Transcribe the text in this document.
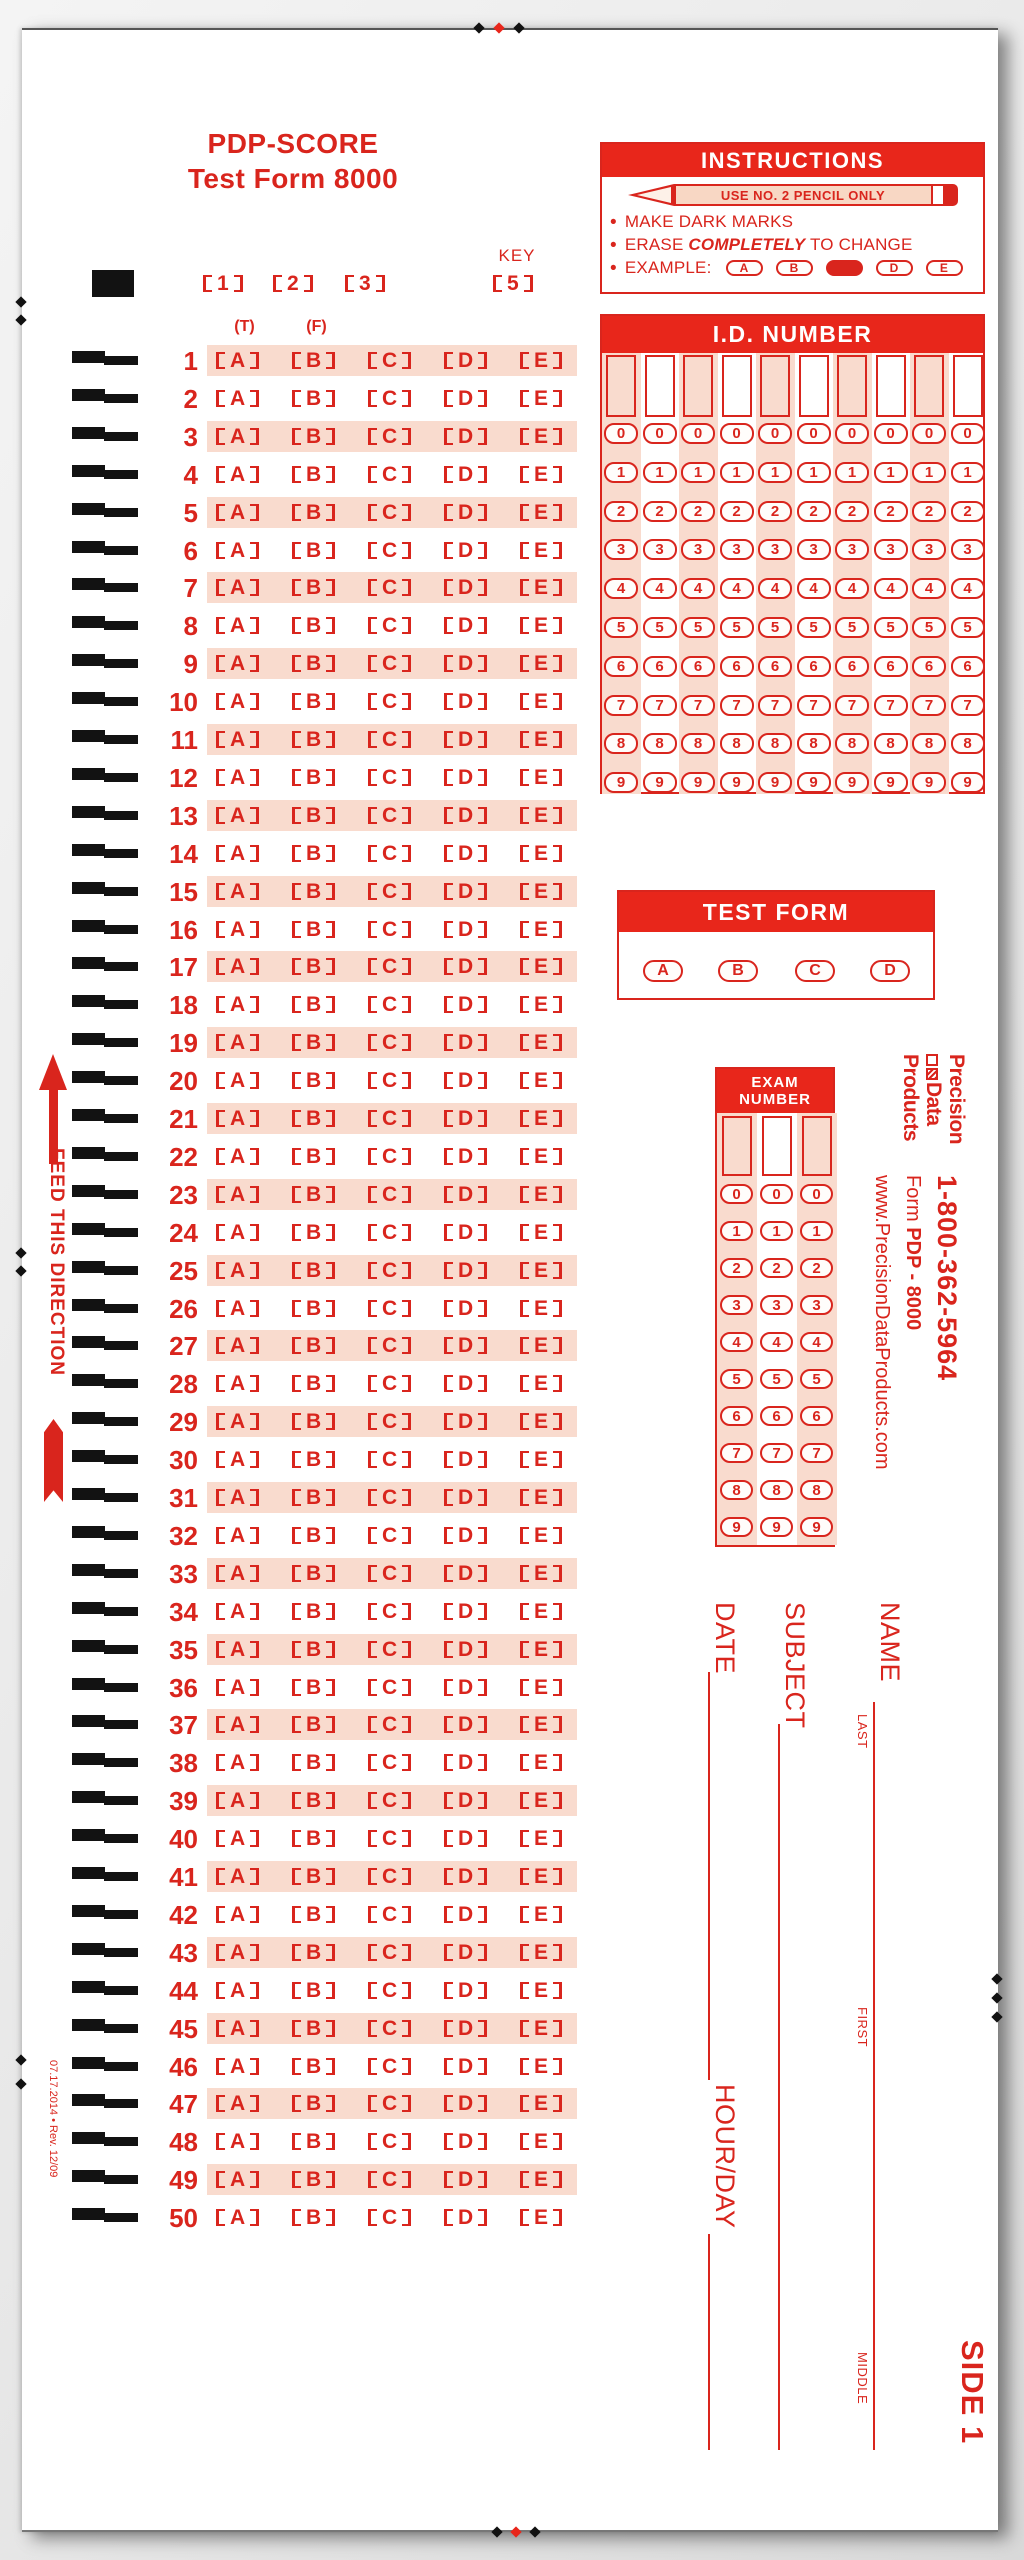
PDP-SCORE
Test Form 8000
INSTRUCTIONS
USE NO. 2 PENCIL ONLY
• MAKE DARK MARKS
• ERASE COMPLETELY TO CHANGE
• EXAMPLE:	A	B	D	E
KEY
1	2	3	5
(T)	(F)
1 A	B	C	D	E
2 A	B	C	D	E
3 A	B	C	D	E
4 A	B	C	D	E
5 A	B	C	D	E
6 A	B	C	D	E
7 A	B	C	D	E
8 A	B	C	D	E
9 A	B	C	D	E
10 A	B	C	D	E
11 A	B	C	D	E
12 A	B	C	D	E
13 A	B	C	D	E
14 A	B	C	D	E
15 A	B	C	D	E
16 A	B	C	D	E
17 A	B	C	D	E
18 A	B	C	D	E
19 A	B	C	D	E
20 A	B	C	D	E
21 A	B	C	D	E
22 A	B	C	D	E
23 A	B	C	D	E
24 A	B	C	D	E
25 A	B	C	D	E
26 A	B	C	D	E
27 A	B	C	D	E
28 A	B	C	D	E
29 A	B	C	D	E
30 A	B	C	D	E
31 A	B	C	D	E
32 A	B	C	D	E
33 A	B	C	D	E
34 A	B	C	D	E
35 A	B	C	D	E
36 A	B	C	D	E
37 A	B	C	D	E
38 A	B	C	D	E
39 A	B	C	D	E
40 A	B	C	D	E
41 A	B	C	D	E
42 A	B	C	D	E
43 A	B	C	D	E
44 A	B	C	D	E
45 A	B	C	D	E
46 A	B	C	D	E
47 A	B	C	D	E
48 A	B	C	D	E
49 A	B	C	D	E
50 A	B	C	D	E
I.D. NUMBER
0
1
2
3
4
5
6
7
8
9
0
1
2
3
4
5
6
7
8
9
0
1
2
3
4
5
6
7
8
9
0
1
2
3
4
5
6
7
8
9
0
1
2
3
4
5
6
7
8
9
0
1
2
3
4
5
6
7
8
9
0
1
2
3
4
5
6
7
8
9
0
1
2
3
4
5
6
7
8
9
0
1
2
3
4
5
6
7
8
9
0
1
2
3
4
5
6
7
8
9
TEST FORM
A	B	C	D
EXAM
NUMBER
0
1
2
3
4
5
6
7
8
9
0
1
2
3
4
5
6
7
8
9
0
1
2
3
4
5
6
7
8
9
Precision
Data
Products
1-800-362-5964
Form PDP - 8000
www.PrecisionDataProducts.com
NAME
LAST
FIRST
MIDDLE
SUBJECT
DATE
HOUR/DAY
SIDE 1
FEED THIS DIRECTION
07.17.2014 • Rev. 12/09
